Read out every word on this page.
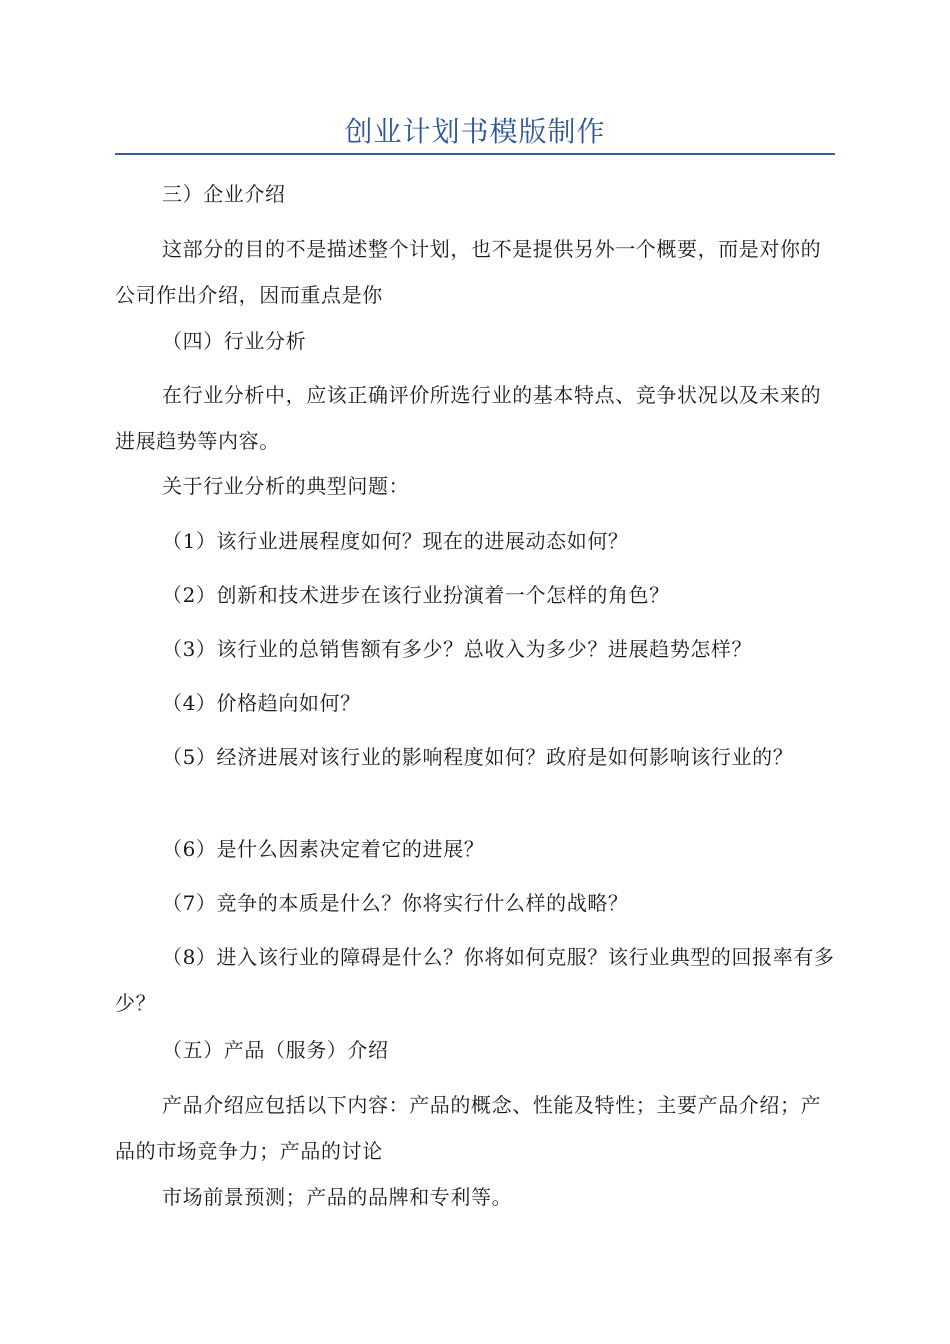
创业计划书模版制作

三）企业介绍

这部分的目的不是描述整个计划，也不是提供另外一个概要，而是对你的公司作出介绍，因而重点是你

（四）行业分析

在行业分析中，应该正确评价所选行业的基本特点、竞争状况以及未来的进展趋势等内容。

关于行业分析的典型问题：

（1）该行业进展程度如何？现在的进展动态如何？

（2）创新和技术进步在该行业扮演着一个怎样的角色？

（3）该行业的总销售额有多少？总收入为多少？进展趋势怎样？

（4）价格趋向如何？

（5）经济进展对该行业的影响程度如何？政府是如何影响该行业的？

（6）是什么因素决定着它的进展？

（7）竞争的本质是什么？你将实行什么样的战略？

（8）进入该行业的障碍是什么？你将如何克服？该行业典型的回报率有多少？

（五）产品（服务）介绍

产品介绍应包括以下内容：产品的概念、性能及特性；主要产品介绍；产品的市场竞争力；产品的讨论

市场前景预测；产品的品牌和专利等。
